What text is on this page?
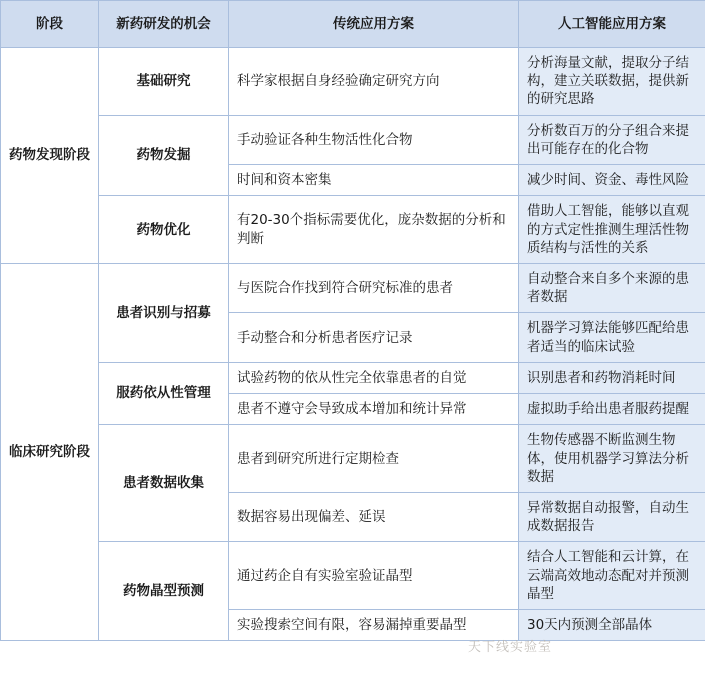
阶段	新药研发的机会	传统应用方案	人工智能应用方案
药物发现阶段	基础研究	科学家根据自身经验确定研究方向	分析海量文献，提取分子结构，建立关联数据，提供新的研究思路
	药物发掘	手动验证各种生物活性化合物	分析数百万的分子组合来提出可能存在的化合物
		时间和资本密集	减少时间、资金、毒性风险
	药物优化	有20-30个指标需要优化，庞杂数据的分析和判断	借助人工智能，能够以直观的方式定性推测生理活性物质结构与活性的关系
临床研究阶段	患者识别与招募	与医院合作找到符合研究标准的患者	自动整合来自多个来源的患者数据
		手动整合和分析患者医疗记录	机器学习算法能够匹配给患者适当的临床试验
	服药依从性管理	试验药物的依从性完全依靠患者的自觉	识别患者和药物消耗时间
		患者不遵守会导致成本增加和统计异常	虚拟助手给出患者服药提醒
	患者数据收集	患者到研究所进行定期检查	生物传感器不断监测生物体，使用机器学习算法分析数据
		数据容易出现偏差、延误	异常数据自动报警，自动生成数据报告
	药物晶型预测	通过药企自有实验室验证晶型	结合人工智能和云计算，在云端高效地动态配对并预测晶型
		实验搜索空间有限，容易漏掉重要晶型	30天内预测全部晶体
天下线实验室
